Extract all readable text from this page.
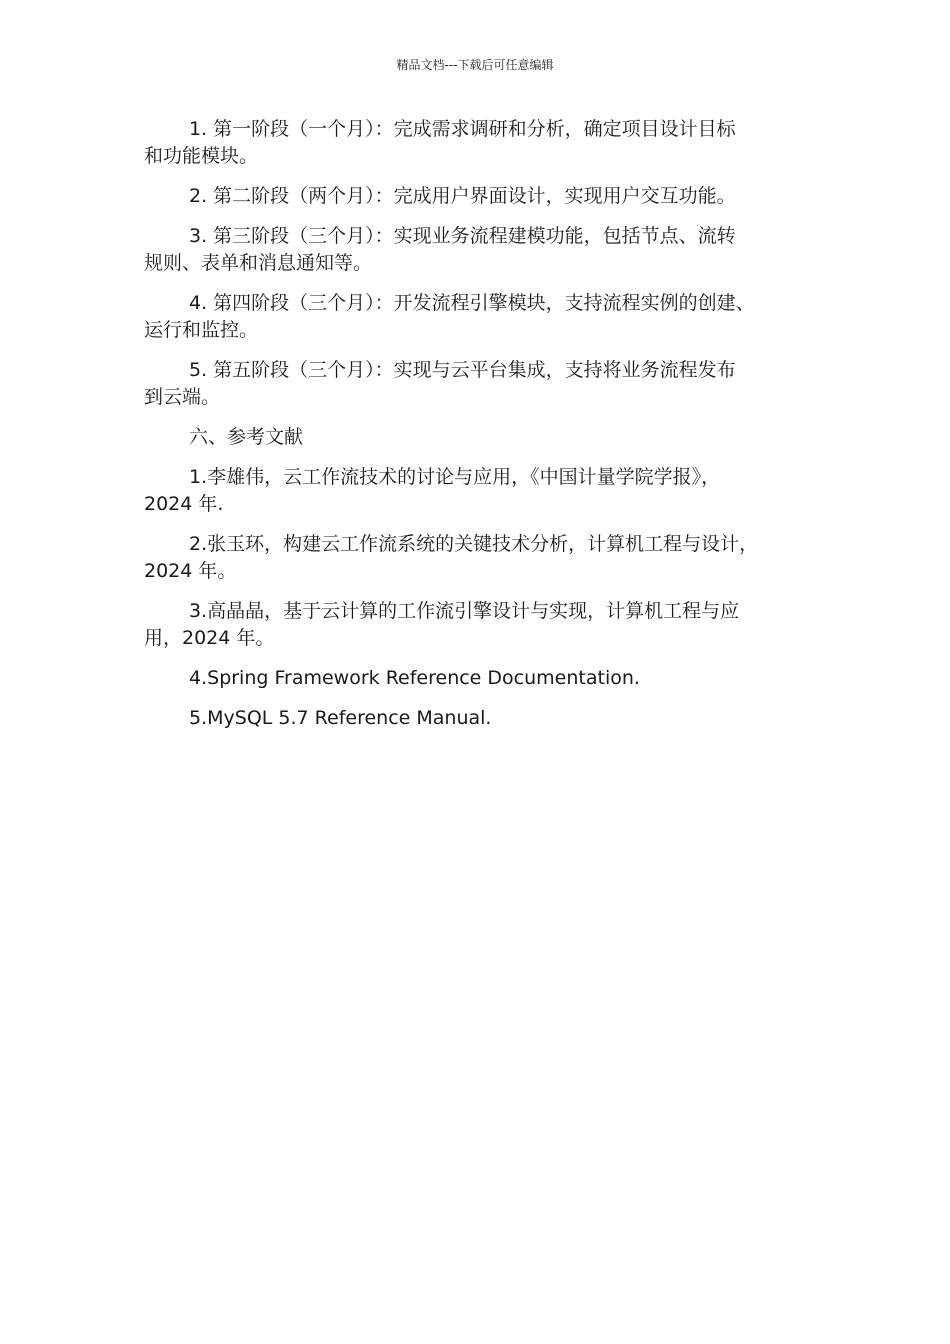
精品文档---下载后可任意编辑

1. 第一阶段（一个月）：完成需求调研和分析，确定项目设计目标
和功能模块。

2. 第二阶段（两个月）：完成用户界面设计，实现用户交互功能。

3. 第三阶段（三个月）：实现业务流程建模功能，包括节点、流转
规则、表单和消息通知等。

4. 第四阶段（三个月）：开发流程引擎模块，支持流程实例的创建、
运行和监控。

5. 第五阶段（三个月）：实现与云平台集成，支持将业务流程发布
到云端。

六、参考文献

1.李雄伟，云工作流技术的讨论与应用，《中国计量学院学报》，
2024 年.

2.张玉环，构建云工作流系统的关键技术分析，计算机工程与设计，
2024 年。

3.高晶晶，基于云计算的工作流引擎设计与实现，计算机工程与应
用，2024 年。

4.Spring Framework Reference Documentation.

5.MySQL 5.7 Reference Manual.
